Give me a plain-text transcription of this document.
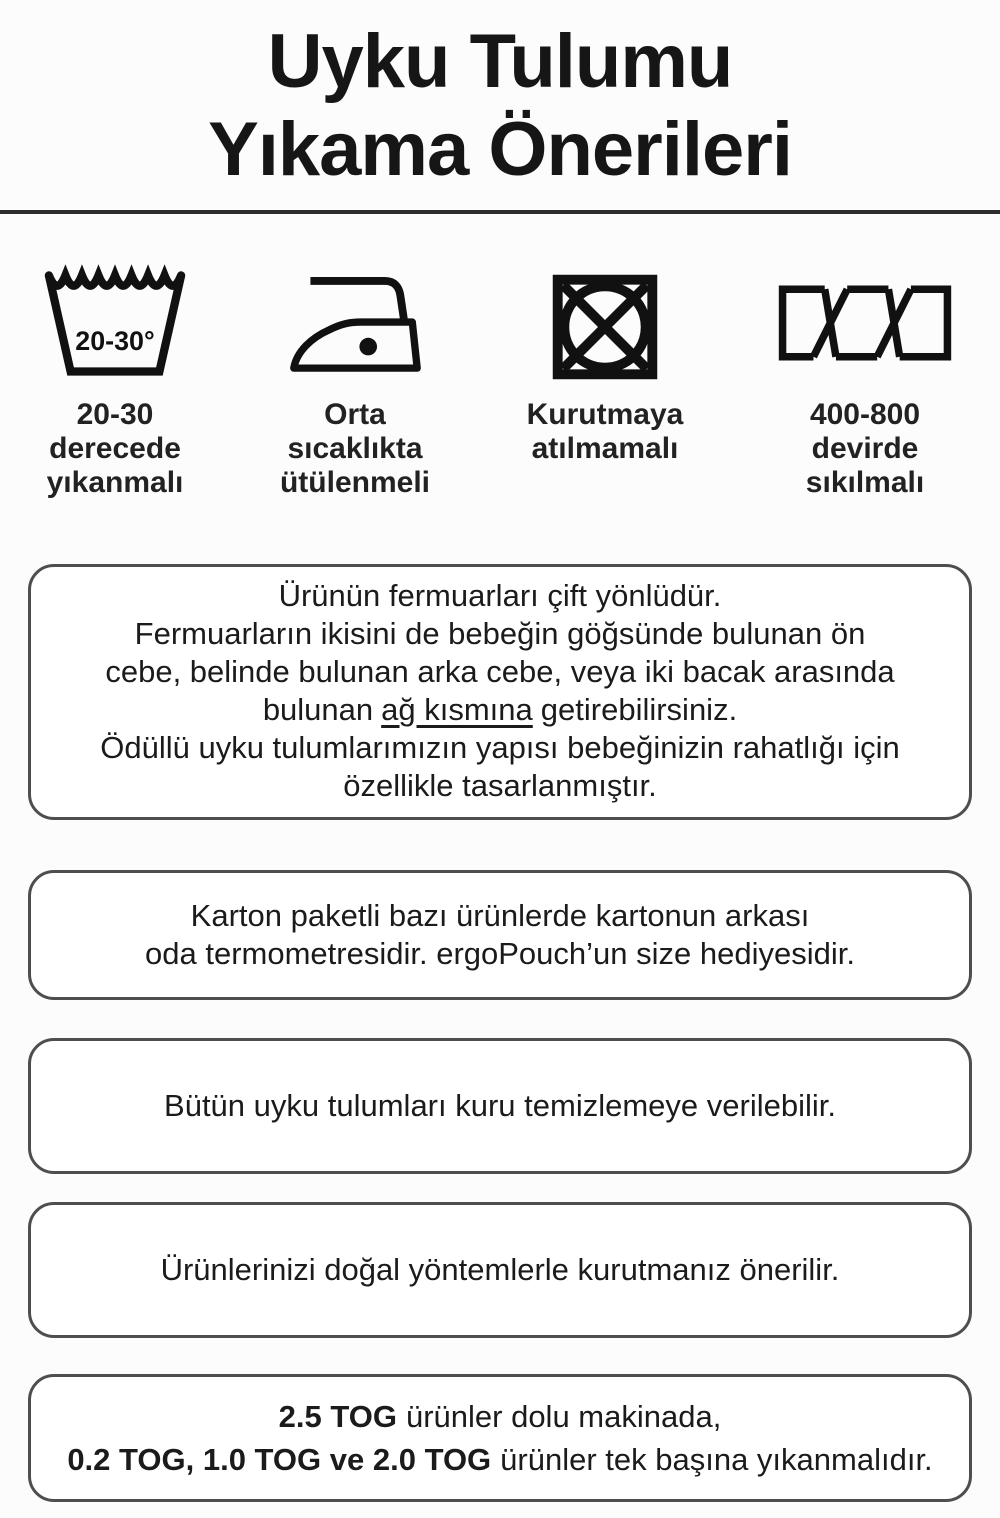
Uyku Tulumu
Yıkama Önerileri
20-30°
20-30
derecede
yıkanmalı
Orta
sıcaklıkta
ütülenmeli
Kurutmaya
atılmamalı
400-800
devirde
sıkılmalı
Ürünün fermuarları çift yönlüdür.
Fermuarların ikisini de bebeğin göğsünde bulunan ön
cebe, belinde bulunan arka cebe, veya iki bacak arasında
bulunan ağ kısmına getirebilirsiniz.
Ödüllü uyku tulumlarımızın yapısı bebeğinizin rahatlığı için
özellikle tasarlanmıştır.
Karton paketli bazı ürünlerde kartonun arkası
oda termometresidir. ergoPouch’un size hediyesidir.
Bütün uyku tulumları kuru temizlemeye verilebilir.
Ürünlerinizi doğal yöntemlerle kurutmanız önerilir.
2.5 TOG ürünler dolu makinada,
0.2 TOG, 1.0 TOG ve 2.0 TOG ürünler tek başına yıkanmalıdır.
